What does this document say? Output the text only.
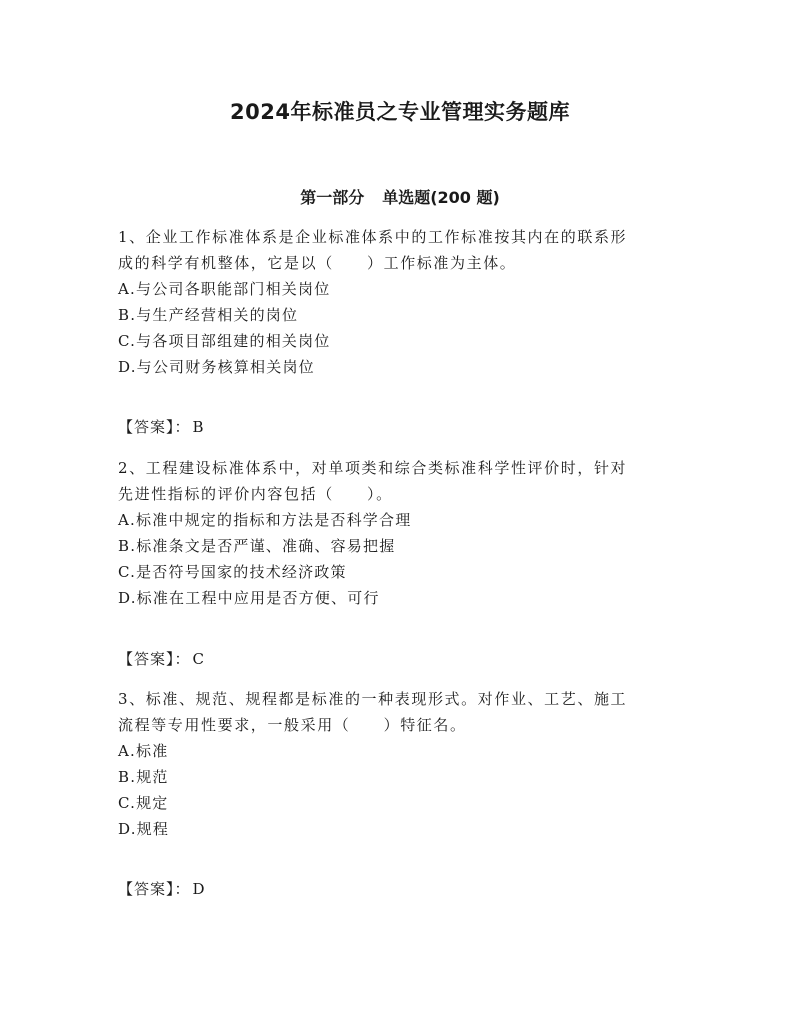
2024年标准员之专业管理实务题库
第一部分 单选题(200 题)

1、企业工作标准体系是企业标准体系中的工作标准按其内在的联系形
成的科学有机整体，它是以（　　）工作标准为主体。

A.与公司各职能部门相关岗位

B.与生产经营相关的岗位

C.与各项目部组建的相关岗位

D.与公司财务核算相关岗位

【答案】： B

2、工程建设标准体系中，对单项类和综合类标准科学性评价时，针对
先进性指标的评价内容包括（　　）。

A.标准中规定的指标和方法是否科学合理

B.标准条文是否严谨、准确、容易把握

C.是否符号国家的技术经济政策

D.标准在工程中应用是否方便、可行

【答案】： C

3、标准、规范、规程都是标准的一种表现形式。对作业、工艺、施工
流程等专用性要求，一般采用（　　）特征名。

A.标准

B.规范

C.规定

D.规程

【答案】： D
